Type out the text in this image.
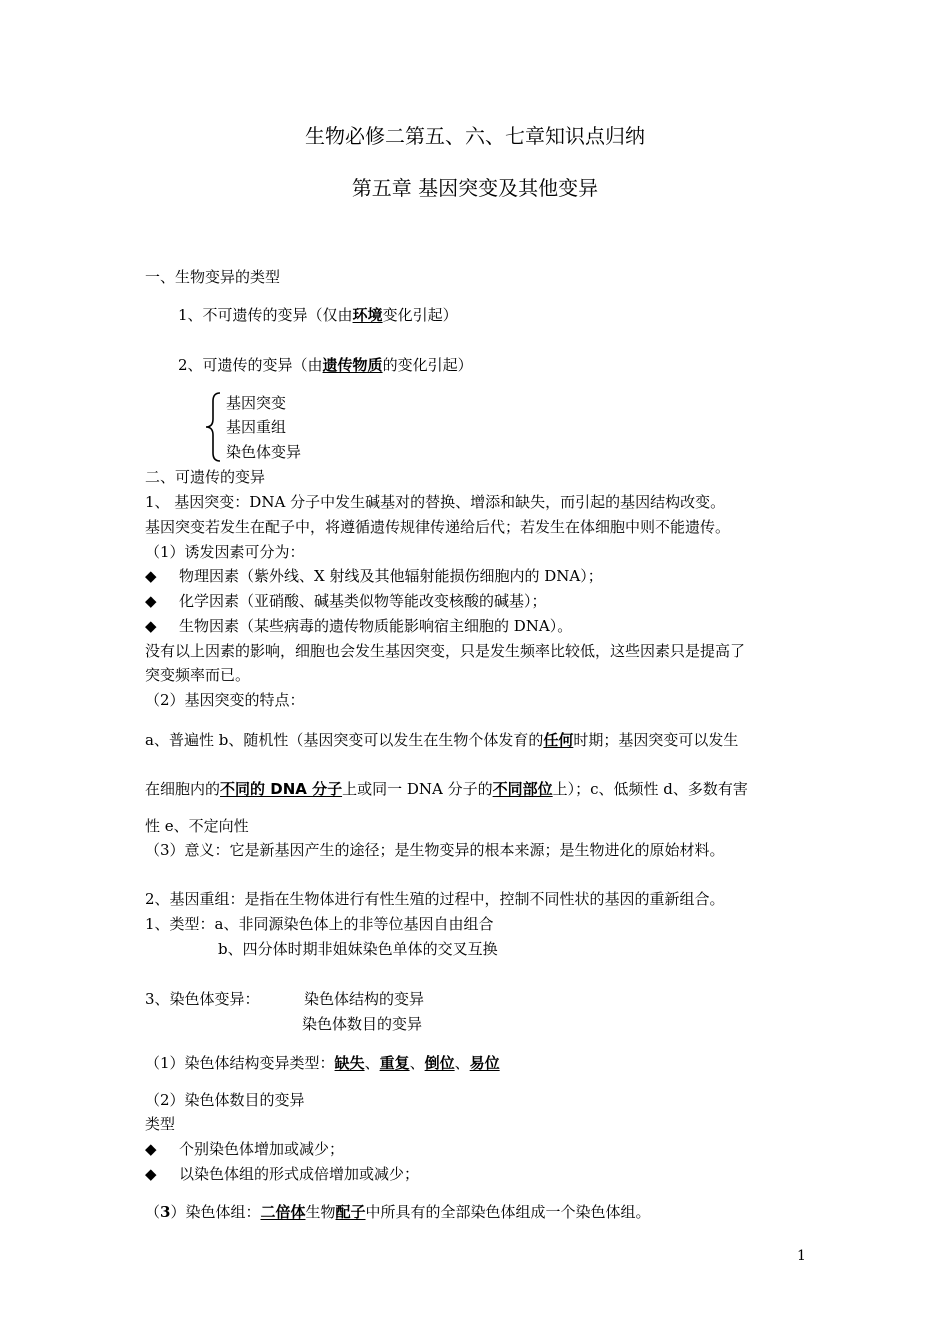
生物必修二第五、六、七章知识点归纳
第五章 基因突变及其他变异
一、生物变异的类型
1、不可遗传的变异（仅由环境变化引起）
2、可遗传的变异（由遗传物质的变化引起）
基因突变
基因重组
染色体变异
二、可遗传的变异
1、 基因突变：DNA 分子中发生碱基对的替换、增添和缺失，而引起的基因结构改变。
基因突变若发生在配子中，将遵循遗传规律传递给后代；若发生在体细胞中则不能遗传。
（1）诱发因素可分为：
◆ 物理因素（紫外线、X 射线及其他辐射能损伤细胞内的 DNA）；
◆ 化学因素（亚硝酸、碱基类似物等能改变核酸的碱基）；
◆ 生物因素（某些病毒的遗传物质能影响宿主细胞的 DNA）。
没有以上因素的影响，细胞也会发生基因突变，只是发生频率比较低，这些因素只是提高了
突变频率而已。
（2）基因突变的特点：
a、普遍性 b、随机性（基因突变可以发生在生物个体发育的任何时期；基因突变可以发生
在细胞内的不同的 DNA 分子上或同一 DNA 分子的不同部位上）；c、低频性 d、多数有害
性 e、不定向性
（3）意义：它是新基因产生的途径；是生物变异的根本来源；是生物进化的原始材料。
2、基因重组：是指在生物体进行有性生殖的过程中，控制不同性状的基因的重新组合。
1、类型：a、非同源染色体上的非等位基因自由组合
b、四分体时期非姐妹染色单体的交叉互换
3、染色体变异：	染色体结构的变异
染色体数目的变异
（1）染色体结构变异类型：缺失、重复、倒位、易位
（2）染色体数目的变异
类型
◆ 个别染色体增加或减少；
◆ 以染色体组的形式成倍增加或减少；
（3）染色体组：二倍体生物配子中所具有的全部染色体组成一个染色体组。
1
